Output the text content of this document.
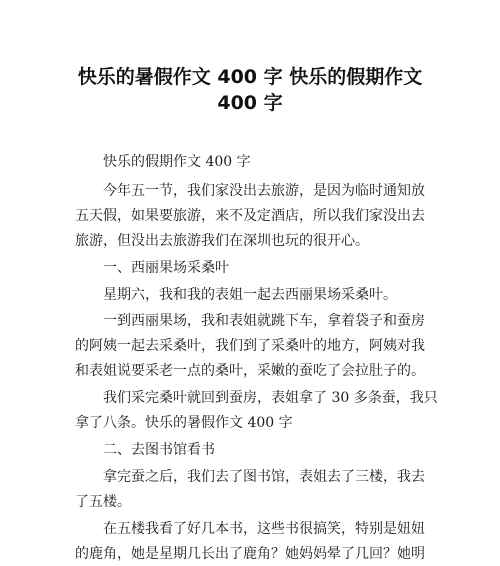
快乐的暑假作文 400 字 快乐的假期作文
400 字
快乐的假期作文 400 字
今年五一节，我们家没出去旅游，是因为临时通知放
五天假，如果要旅游，来不及定酒店，所以我们家没出去
旅游，但没出去旅游我们在深圳也玩的很开心。
一、西丽果场采桑叶
星期六，我和我的表姐一起去西丽果场采桑叶。
一到西丽果场，我和表姐就跳下车，拿着袋子和蚕房
的阿姨一起去采桑叶，我们到了采桑叶的地方，阿姨对我
和表姐说要采老一点的桑叶，采嫩的蚕吃了会拉肚子的。
我们采完桑叶就回到蚕房，表姐拿了 30 多条蚕，我只
拿了八条。快乐的暑假作文 400 字
二、去图书馆看书
拿完蚕之后，我们去了图书馆，表姐去了三楼，我去
了五楼。
在五楼我看了好几本书，这些书很搞笑，特别是妞妞
的鹿角，她是星期几长出了鹿角？她妈妈晕了几回？她明
